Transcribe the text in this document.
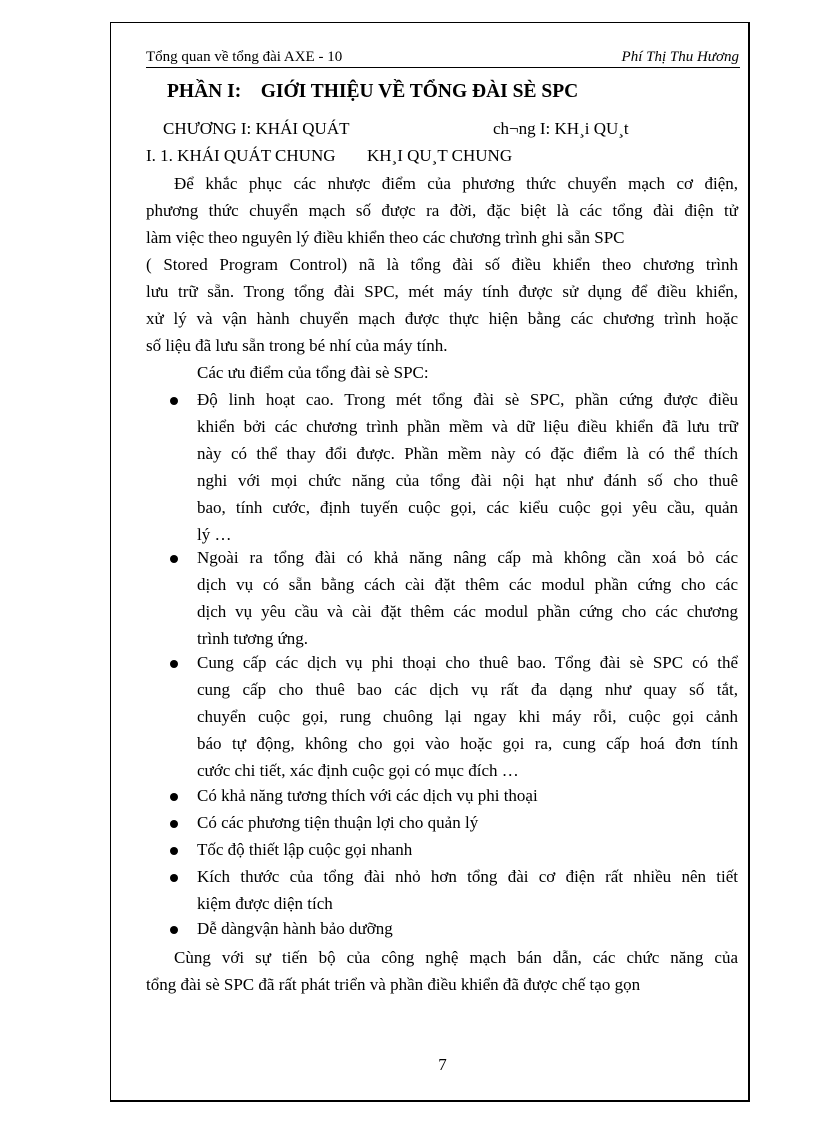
Tổng quan về tổng đài AXE - 10	Phí Thị Thu Hương
PHẦN I:    GIỚI THIỆU VỀ TỔNG ĐÀI SÈ SPC
CHƯƠNG I: KHÁI QUÁT	ch¬ng I: KH¸i QU¸t
I. 1. KHÁI QUÁT CHUNG KH¸I QU¸T CHUNG
Để khắc phục các nhược điểm của phương thức chuyển mạch cơ điện,
phương thức chuyển mạch số được ra đời, đặc biệt là các tổng đài điện tử
làm việc theo nguyên lý điều khiển theo các chương trình ghi sẵn SPC
( Stored Program Control) nã là tổng đài số điều khiển theo chương trình
lưu trữ sẵn. Trong tổng đài SPC, mét máy tính được sử dụng để điều khiển,
xử lý và vận hành chuyển mạch được thực hiện bằng các chương trình hoặc
số liệu đã lưu sẵn trong bé nhí của máy tính.
Các ưu điểm của tổng đài sè SPC:
Độ linh hoạt cao. Trong mét tổng đài sè SPC, phần cứng được điều
khiển bởi các chương trình phần mềm và dữ liệu điều khiển đã lưu trữ
này có thể thay đổi được. Phần mềm này có đặc điểm là có thể thích
nghi với mọi chức năng của tổng đài nội hạt như đánh số cho thuê
bao, tính cước, định tuyến cuộc gọi, các kiểu cuộc gọi yêu cầu, quản
lý …
Ngoài ra tổng đài có khả năng nâng cấp mà không cần xoá bỏ các
dịch vụ có sẵn bằng cách cài đặt thêm các modul phần cứng cho các
dịch vụ yêu cầu và cài đặt thêm các modul phần cứng cho các chương
trình tương ứng.
Cung cấp các dịch vụ phi thoại cho thuê bao. Tổng đài sè SPC có thể
cung cấp cho thuê bao các dịch vụ rất đa dạng như quay số tắt,
chuyển cuộc gọi, rung chuông lại ngay khi máy rỗi, cuộc gọi cảnh
báo tự động, không cho gọi vào hoặc gọi ra, cung cấp hoá đơn tính
cước chi tiết, xác định cuộc gọi có mục đích …
Có khả năng tương thích với các dịch vụ phi thoại
Có các phương tiện thuận lợi cho quản lý
Tốc độ thiết lập cuộc gọi nhanh
Kích thước của tổng đài nhỏ hơn tổng đài cơ điện rất nhiều nên tiết
kiệm được diện tích
Dễ dàngvận hành bảo dưỡng
Cùng với sự tiến bộ của công nghệ mạch bán dẫn, các chức năng của
tổng đài sè SPC đã rất phát triển và phần điều khiển đã được chế tạo gọn
7
